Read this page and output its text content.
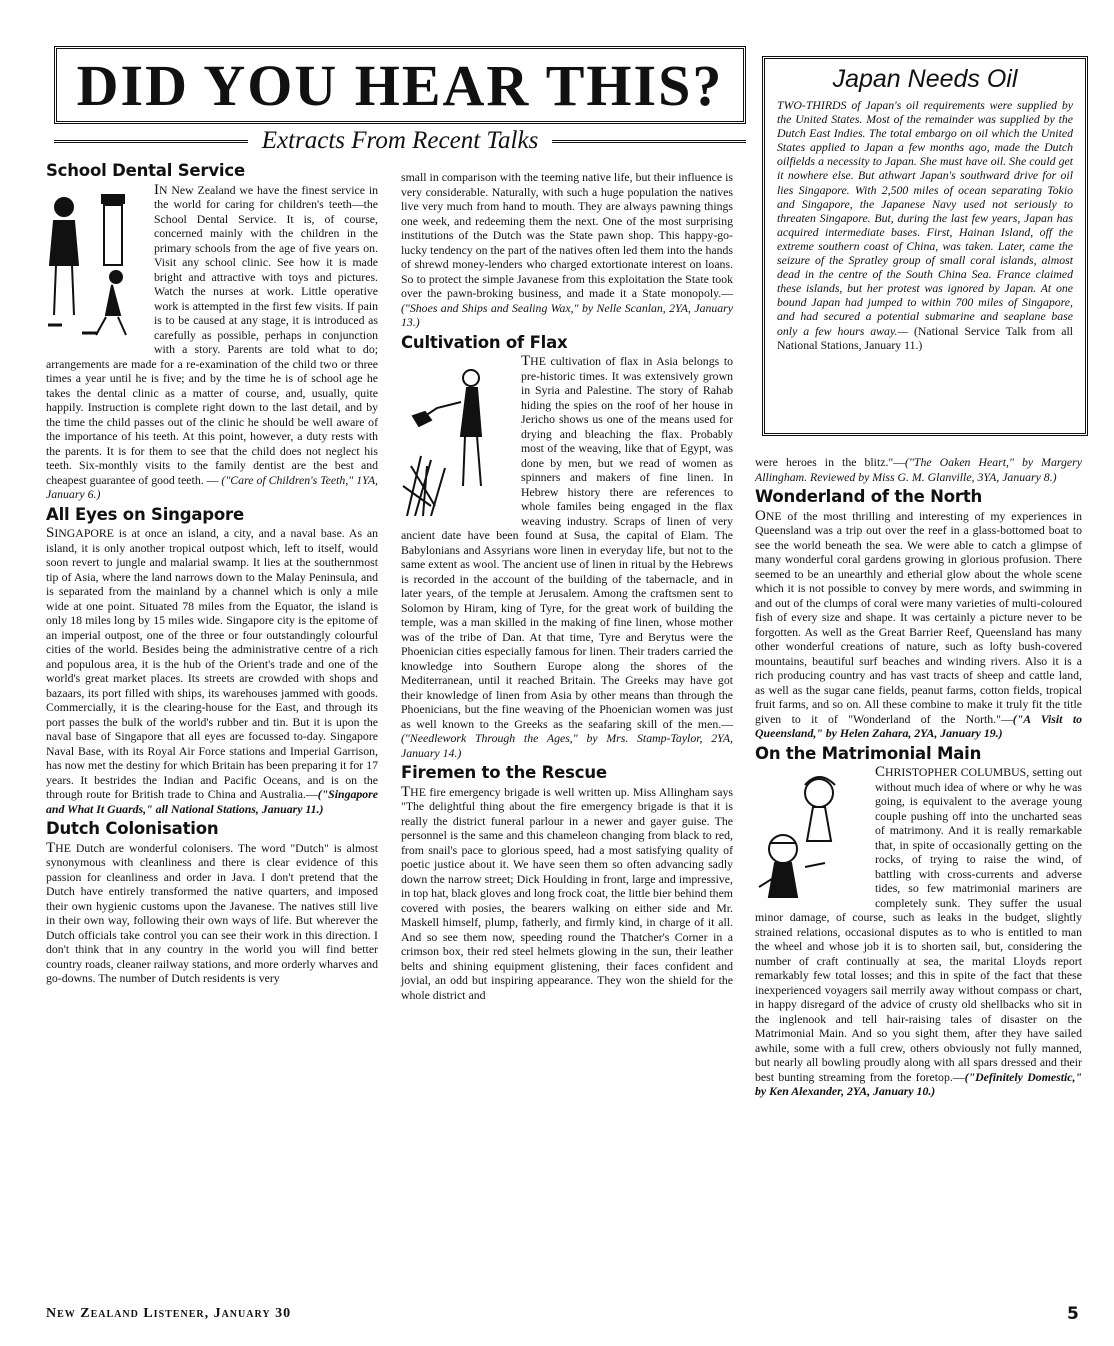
DID YOU HEAR THIS?
Extracts From Recent Talks
Japan Needs Oil

TWO-THIRDS of Japan's oil requirements were supplied by the United States. Most of the remainder was supplied by the Dutch East Indies. The total embargo on oil which the United States applied to Japan a few months ago, made the Dutch oilfields a necessity to Japan. She must have oil. She could get it nowhere else. But athwart Japan's southward drive for oil lies Singapore. With 2,500 miles of ocean separating Tokio and Singapore, the Japanese Navy used not seriously to threaten Singapore. But, during the last few years, Japan has acquired intermediate bases. First, Hainan Island, off the extreme southern coast of China, was taken. Later, came the seizure of the Spratley group of small coral islands, almost dead in the centre of the South China Sea. France claimed these islands, but her protest was ignored by Japan. At one bound Japan had jumped to within 700 miles of Singapore, and had secured a potential submarine and seaplane base only a few hours away.— (National Service Talk from all National Stations, January 11.)

School Dental Service

IN New Zealand we have the finest service in the world for caring for children's teeth—the School Dental Service. It is, of course, concerned mainly with the children in the primary schools from the age of five years on. Visit any school clinic. See how it is made bright and attractive with toys and pictures. Watch the nurses at work. Little operative work is attempted in the first few visits. If pain is to be caused at any stage, it is introduced as carefully as possible, perhaps in conjunction with a story. Parents are told what to do; arrangements are made for a re-examination of the child two or three times a year until he is five; and by the time he is of school age he takes the dental clinic as a matter of course, and, usually, quite happily. Instruction is complete right down to the last detail, and by the time the child passes out of the clinic he should be well aware of the importance of his teeth. At this point, however, a duty rests with the parents. It is for them to see that the child does not neglect his teeth. Six-monthly visits to the family dentist are the best and cheapest guarantee of good teeth. — ("Care of Children's Teeth," 1YA, January 6.)

All Eyes on Singapore

SINGAPORE is at once an island, a city, and a naval base. As an island, it is only another tropical outpost which, left to itself, would soon revert to jungle and malarial swamp. It lies at the southernmost tip of Asia, where the land narrows down to the Malay Peninsula, and is separated from the mainland by a channel which is only a mile wide at one point. Situated 78 miles from the Equator, the island is only 18 miles long by 15 miles wide. Singapore city is the epitome of an imperial outpost, one of the three or four outstandingly colourful cities of the world. Besides being the administrative centre of a rich and populous area, it is the hub of the Orient's trade and one of the world's great market places. Its streets are crowded with shops and bazaars, its port filled with ships, its warehouses jammed with goods. Commercially, it is the clearing-house for the East, and through its port passes the bulk of the world's rubber and tin. But it is upon the naval base of Singapore that all eyes are focussed to-day. Singapore Naval Base, with its Royal Air Force stations and Imperial Garrison, has now met the destiny for which Britain has been preparing it for 17 years. It bestrides the Indian and Pacific Oceans, and is on the through route for British trade to China and Australia.—("Singapore and What It Guards," all National Stations, January 11.)

Dutch Colonisation

THE Dutch are wonderful colonisers. The word "Dutch" is almost synonymous with cleanliness and there is clear evidence of this passion for cleanliness and order in Java. I don't pretend that the Dutch have entirely transformed the native quarters, and imposed their own hygienic customs upon the Javanese. The natives still live in their own way, following their own ways of life. But wherever the Dutch officials take control you can see their work in this direction. I don't think that in any country in the world you will find better country roads, cleaner railway stations, and more orderly wharves and go-downs. The number of Dutch residents is very

small in comparison with the teeming native life, but their influence is very considerable. Naturally, with such a huge population the natives live very much from hand to mouth. They are always pawning things one week, and redeeming them the next. One of the most surprising institutions of the Dutch was the State pawn shop. This happy-go-lucky tendency on the part of the natives often led them into the hands of shrewd money-lenders who charged extortionate interest on loans. So to protect the simple Javanese from this exploitation the State took over the pawn-broking business, and made it a State monopoly.—("Shoes and Ships and Sealing Wax," by Nelle Scanlan, 2YA, January 13.)

Cultivation of Flax

THE cultivation of flax in Asia belongs to pre-historic times. It was extensively grown in Syria and Palestine. The story of Rahab hiding the spies on the roof of her house in Jericho shows us one of the means used for drying and bleaching the flax. Probably most of the weaving, like that of Egypt, was done by men, but we read of women as spinners and makers of fine linen. In Hebrew history there are references to whole familes being engaged in the flax weaving industry. Scraps of linen of very ancient date have been found at Susa, the capital of Elam. The Babylonians and Assyrians wore linen in everyday life, but not to the same extent as wool. The ancient use of linen in ritual by the Hebrews is recorded in the account of the building of the tabernacle, and in later years, of the temple at Jerusalem. Among the craftsmen sent to Solomon by Hiram, king of Tyre, for the great work of building the temple, was a man skilled in the making of fine linen, whose mother was of the tribe of Dan. At that time, Tyre and Berytus were the Phoenician cities especially famous for linen. Their traders carried the knowledge into Southern Europe along the shores of the Mediterranean, until it reached Britain. The Greeks may have got their knowledge of linen from Asia by other means than through the Phoenicians, but the fine weaving of the Phoenician women was just as well known to the Greeks as the seafaring skill of the men.—("Needlework Through the Ages," by Mrs. Stamp-Taylor, 2YA, January 14.)

Firemen to the Rescue

THE fire emergency brigade is well written up. Miss Allingham says "The delightful thing about the fire emergency brigade is that it is really the district funeral parlour in a newer and gayer guise. The personnel is the same and this chameleon changing from black to red, from snail's pace to glorious speed, had a most satisfying quality of poetic justice about it. We have seen them so often advancing sadly down the narrow street; Dick Houlding in front, large and impressive, in top hat, black gloves and long frock coat, the little bier behind them covered with posies, the bearers walking on either side and Mr. Maskell himself, plump, fatherly, and firmly kind, in charge of it all. And so see them now, speeding round the Thatcher's Corner in a crimson box, their red steel helmets glowing in the sun, their leather belts and shining equipment glistening, their faces confident and jovial, an odd but inspiring appearance. They won the shield for the whole district and

were heroes in the blitz."—("The Oaken Heart," by Margery Allingham. Reviewed by Miss G. M. Glanville, 3YA, January 8.)

Wonderland of the North

ONE of the most thrilling and interesting of my experiences in Queensland was a trip out over the reef in a glass-bottomed boat to see the world beneath the sea. We were able to catch a glimpse of many wonderful coral gardens growing in glorious profusion. There seemed to be an unearthly and etherial glow about the whole scene which it is not possible to convey by mere words, and swimming in and out of the clumps of coral were many varieties of multi-coloured fish of every size and shape. It was certainly a picture never to be forgotten. As well as the Great Barrier Reef, Queensland has many other wonderful creations of nature, such as lofty bush-covered mountains, beautiful surf beaches and winding rivers. Also it is a rich producing country and has vast tracts of sheep and cattle land, as well as the sugar cane fields, peanut farms, cotton fields, tropical fruit farms, and so on. All these combine to make it truly fit the title given to it of "Wonderland of the North."—("A Visit to Queensland," by Helen Zahara, 2YA, January 19.)

On the Matrimonial Main

CHRISTOPHER COLUMBUS, setting out without much idea of where or why he was going, is equivalent to the average young couple pushing off into the uncharted seas of matrimony. And it is really remarkable that, in spite of occasionally getting on the rocks, of trying to raise the wind, of battling with cross-currents and adverse tides, so few matrimonial mariners are completely sunk. They suffer the usual minor damage, of course, such as leaks in the budget, slightly strained relations, occasional disputes as to who is entitled to man the wheel and whose job it is to shorten sail, but, considering the number of craft continually at sea, the marital Lloyds report remarkably few total losses; and this in spite of the fact that these inexperienced voyagers sail merrily away without compass or chart, in happy disregard of the advice of crusty old shellbacks who sit in the inglenook and tell hair-raising tales of disaster on the Matrimonial Main. And so you sight them, after they have sailed awhile, some with a full crew, others obviously not fully manned, but nearly all bowling proudly along with all spars dressed and their best bunting streaming from the foretop.—("Definitely Domestic," by Ken Alexander, 2YA, January 10.)

New Zealand Listener, January 30	5
